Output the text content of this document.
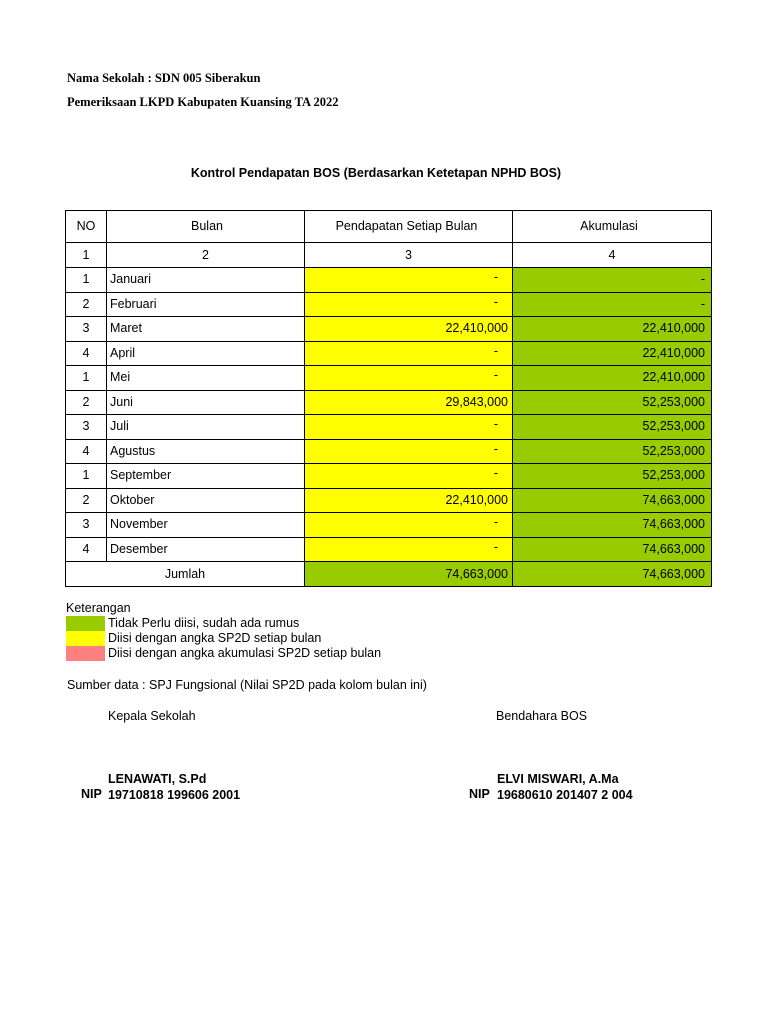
Nama Sekolah : SDN 005 Siberakun
Pemeriksaan LKPD Kabupaten Kuansing TA 2022
Kontrol Pendapatan BOS (Berdasarkan Ketetapan NPHD BOS)
NO	Bulan	Pendapatan Setiap Bulan	Akumulasi
1	2	3	4
1	Januari	-	-
2	Februari	-	-
3	Maret	22,410,000	22,410,000
4	April	-	22,410,000
1	Mei	-	22,410,000
2	Juni	29,843,000	52,253,000
3	Juli	-	52,253,000
4	Agustus	-	52,253,000
1	September	-	52,253,000
2	Oktober	22,410,000	74,663,000
3	November	-	74,663,000
4	Desember	-	74,663,000
Jumlah		74,663,000	74,663,000
Keterangan
Tidak Perlu diisi, sudah ada rumus
Diisi dengan angka SP2D setiap bulan
Diisi dengan angka akumulasi SP2D setiap bulan
Sumber data : SPJ Fungsional (Nilai SP2D pada kolom bulan ini)
Kepala Sekolah	Bendahara BOS
LENAWATI, S.Pd	ELVI MISWARI, A.Ma
NIP 19710818 199606 2001	NIP 19680610 201407 2 004
